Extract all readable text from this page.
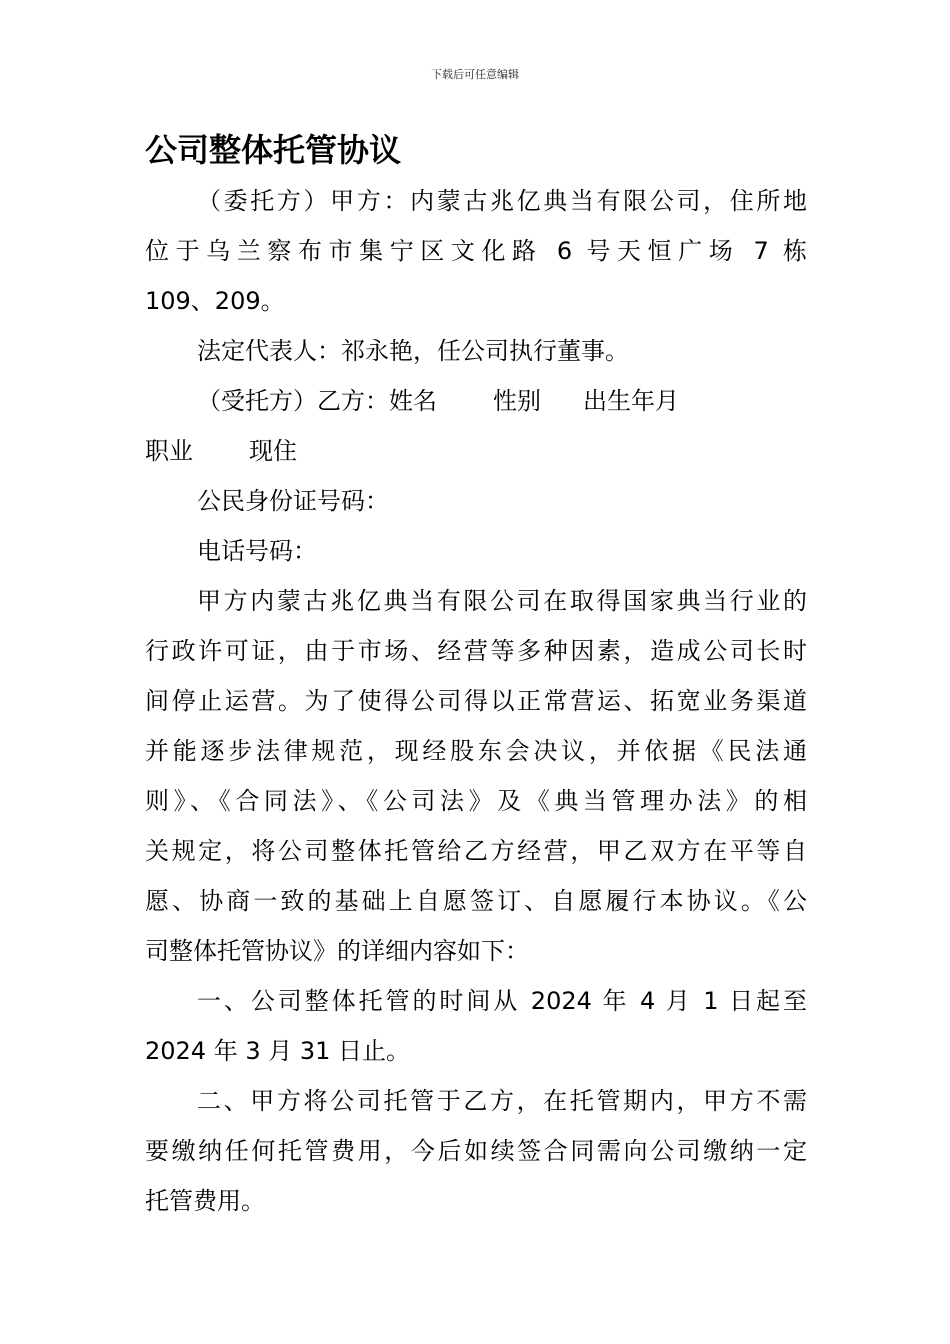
下载后可任意编辑
公司整体托管协议
（委托方）甲方：内蒙古兆亿典当有限公司，住所地
位于乌兰察布市集宁区文化路 6 号天恒广场 7 栋
109、209。
法定代表人：祁永艳，任公司执行董事。
（受托方）乙方：姓名 性别 出生年月
职业 现住
公民身份证号码：
电话号码：
甲方内蒙古兆亿典当有限公司在取得国家典当行业的
行政许可证，由于市场、经营等多种因素，造成公司长时
间停止运营。为了使得公司得以正常营运、拓宽业务渠道
并能逐步法律规范，现经股东会决议，并依据《民法通
则》、《合同法》、《公司法》及《典当管理办法》的相
关规定，将公司整体托管给乙方经营，甲乙双方在平等自
愿、协商一致的基础上自愿签订、自愿履行本协议。《公
司整体托管协议》的详细内容如下：
一、公司整体托管的时间从 2024 年 4 月 1 日起至
2024 年 3 月 31 日止。
二、甲方将公司托管于乙方，在托管期内，甲方不需
要缴纳任何托管费用，今后如续签合同需向公司缴纳一定
托管费用。
